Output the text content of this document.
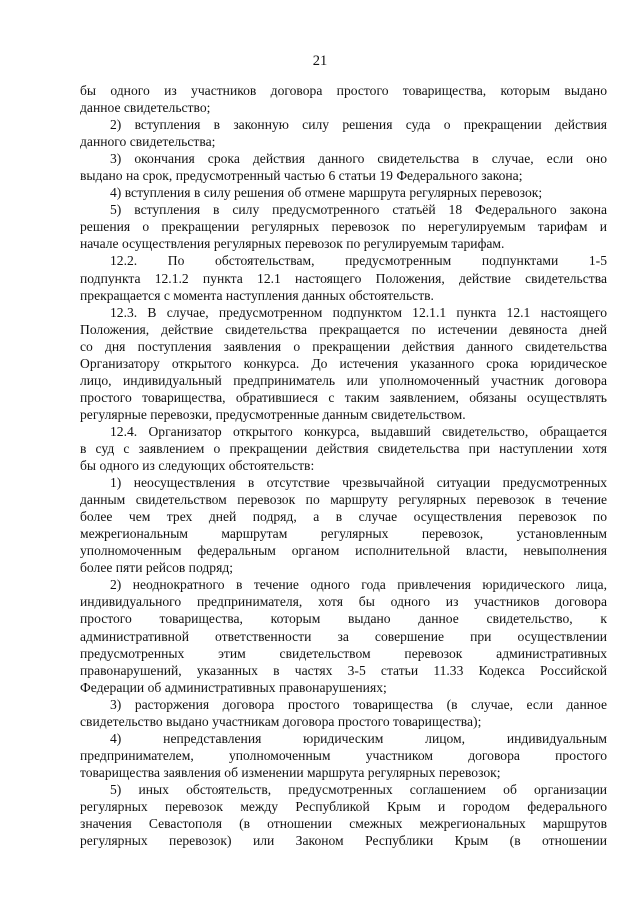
21
бы одного из участников договора простого товарищества, которым выдано
данное свидетельство;
2) вступления в законную силу решения суда о прекращении действия
данного свидетельства;
3) окончания срока действия данного свидетельства в случае, если оно
выдано на срок, предусмотренный частью 6 статьи 19 Федерального закона;
4) вступления в силу решения об отмене маршрута регулярных перевозок;
5) вступления в силу предусмотренного статьёй 18 Федерального закона
решения о прекращении регулярных перевозок по нерегулируемым тарифам и
начале осуществления регулярных перевозок по регулируемым тарифам.
12.2. По обстоятельствам, предусмотренным подпунктами 1-5
подпункта 12.1.2 пункта 12.1 настоящего Положения, действие свидетельства
прекращается с момента наступления данных обстоятельств.
12.3. В случае, предусмотренном подпунктом 12.1.1 пункта 12.1 настоящего
Положения, действие свидетельства прекращается по истечении девяноста дней
со дня поступления заявления о прекращении действия данного свидетельства
Организатору открытого конкурса. До истечения указанного срока юридическое
лицо, индивидуальный предприниматель или уполномоченный участник договора
простого товарищества, обратившиеся с таким заявлением, обязаны осуществлять
регулярные перевозки, предусмотренные данным свидетельством.
12.4. Организатор открытого конкурса, выдавший свидетельство, обращается
в суд с заявлением о прекращении действия свидетельства при наступлении хотя
бы одного из следующих обстоятельств:
1) неосуществления в отсутствие чрезвычайной ситуации предусмотренных
данным свидетельством перевозок по маршруту регулярных перевозок в течение
более чем трех дней подряд, а в случае осуществления перевозок по
межрегиональным маршрутам регулярных перевозок, установленным
уполномоченным федеральным органом исполнительной власти, невыполнения
более пяти рейсов подряд;
2) неоднократного в течение одного года привлечения юридического лица,
индивидуального предпринимателя, хотя бы одного из участников договора
простого товарищества, которым выдано данное свидетельство, к
административной ответственности за совершение при осуществлении
предусмотренных этим свидетельством перевозок административных
правонарушений, указанных в частях 3-5 статьи 11.33 Кодекса Российской
Федерации об административных правонарушениях;
3) расторжения договора простого товарищества (в случае, если данное
свидетельство выдано участникам договора простого товарищества);
4) непредставления юридическим лицом, индивидуальным
предпринимателем, уполномоченным участником договора простого
товарищества заявления об изменении маршрута регулярных перевозок;
5) иных обстоятельств, предусмотренных соглашением об организации
регулярных перевозок между Республикой Крым и городом федерального
значения Севастополя (в отношении смежных межрегиональных маршрутов
регулярных перевозок) или Законом Республики Крым (в отношении
